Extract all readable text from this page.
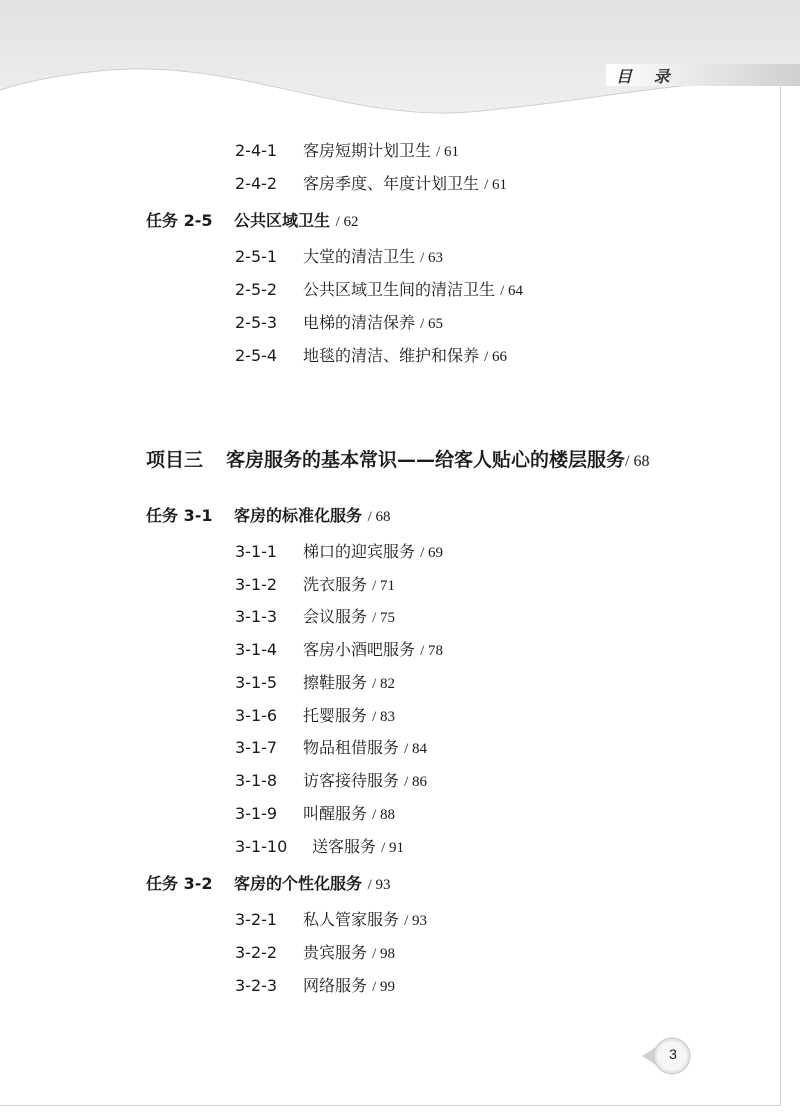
目 录
2-4-1 客房短期计划卫生 / 61
2-4-2 客房季度、年度计划卫生 / 61
任务 2-5 公共区域卫生 / 62
2-5-1 大堂的清洁卫生 / 63
2-5-2 公共区域卫生间的清洁卫生 / 64
2-5-3 电梯的清洁保养 / 65
2-5-4 地毯的清洁、维护和保养 / 66
项目三 客房服务的基本常识——给客人贴心的楼层服务/ 68
任务 3-1 客房的标准化服务 / 68
3-1-1 梯口的迎宾服务 / 69
3-1-2 洗衣服务 / 71
3-1-3 会议服务 / 75
3-1-4 客房小酒吧服务 / 78
3-1-5 擦鞋服务 / 82
3-1-6 托婴服务 / 83
3-1-7 物品租借服务 / 84
3-1-8 访客接待服务 / 86
3-1-9 叫醒服务 / 88
3-1-10 送客服务 / 91
任务 3-2 客房的个性化服务 / 93
3-2-1 私人管家服务 / 93
3-2-2 贵宾服务 / 98
3-2-3 网络服务 / 99
3
